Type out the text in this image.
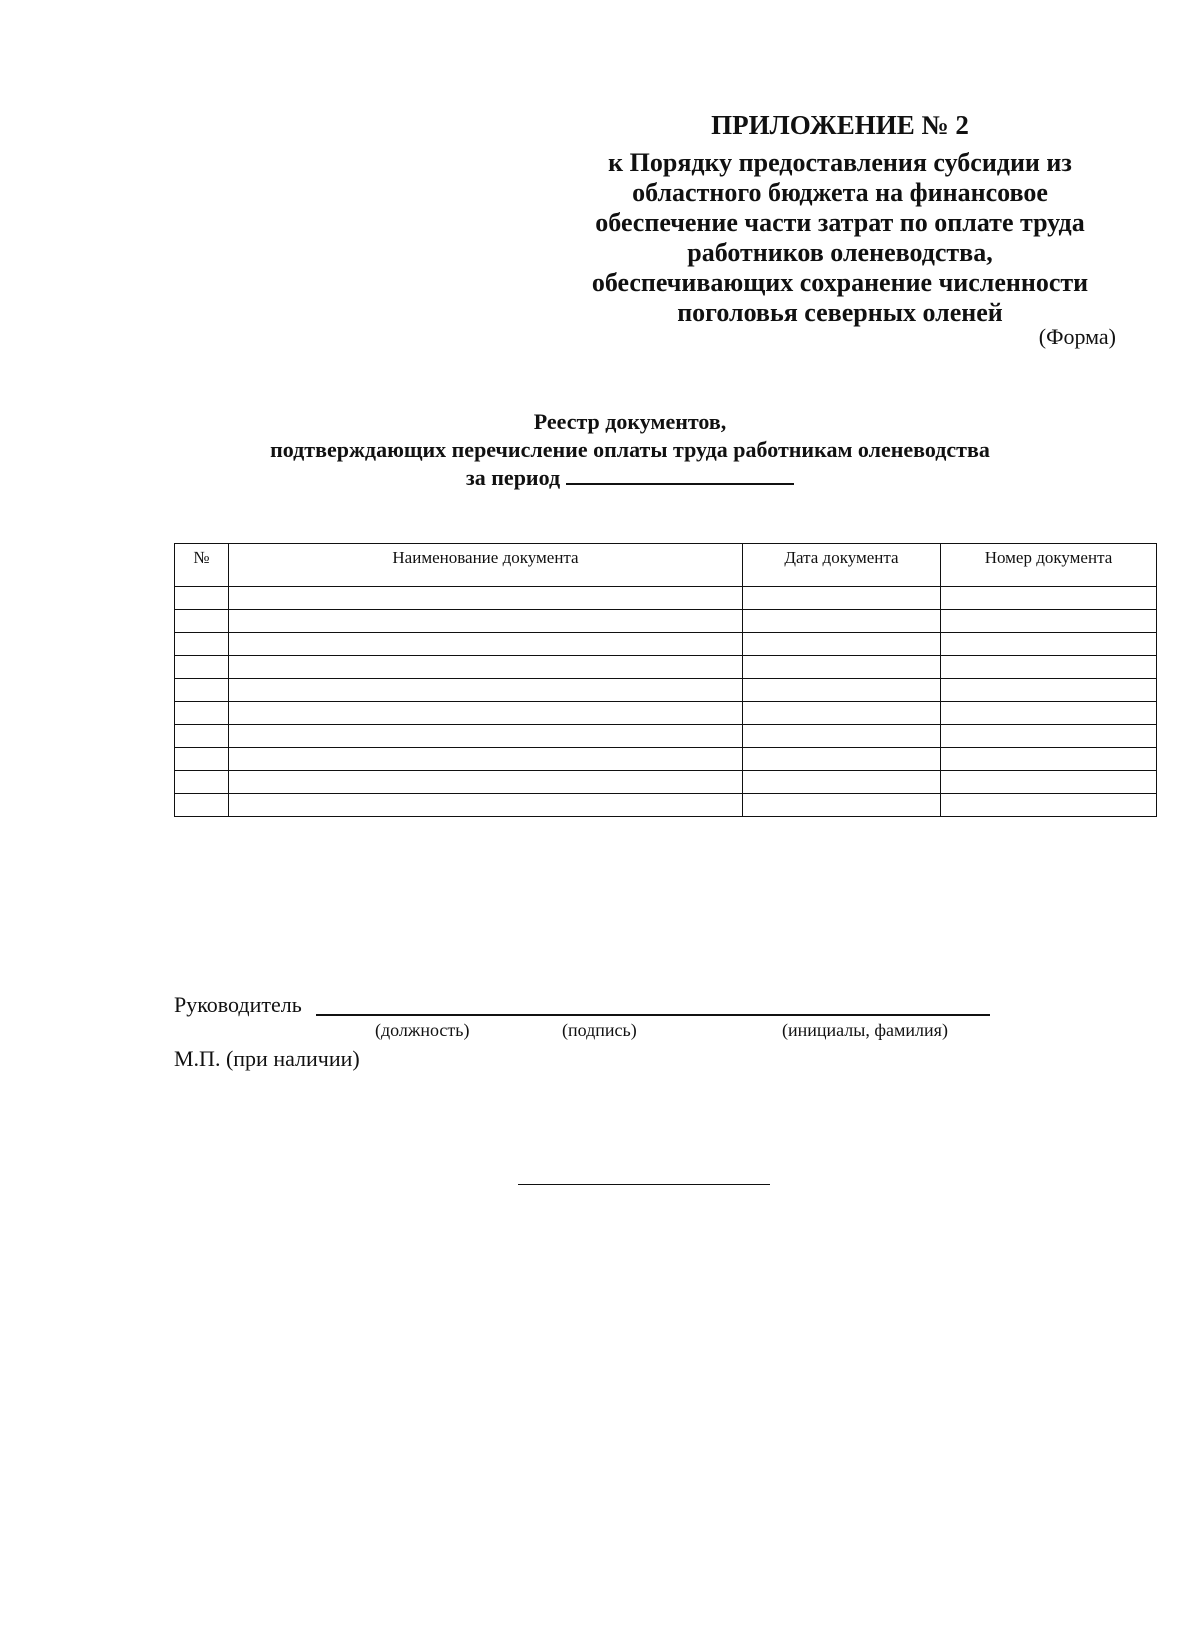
ПРИЛОЖЕНИЕ № 2
к Порядку предоставления субсидии из
областного бюджета на финансовое
обеспечение части затрат по оплате труда
работников оленеводства,
обеспечивающих сохранение численности
поголовья северных оленей
(Форма)
Реестр документов,
подтверждающих перечисление оплаты труда работникам оленеводства
за период
№	Наименование документа	Дата документа	Номер документа

Руководитель
(должность)	(подпись)	(инициалы, фамилия)
М.П. (при наличии)
